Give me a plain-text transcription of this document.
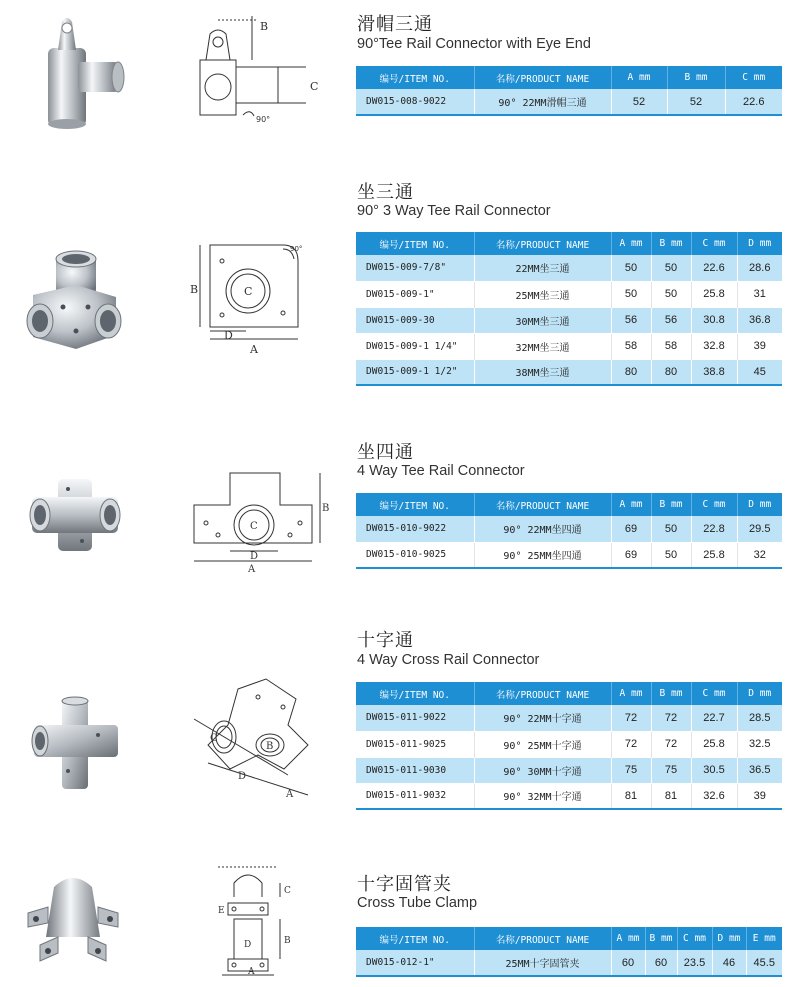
B
C
90°
滑帽三通
90°Tee Rail Connector with Eye End
编号/ITEM NO.	名称/PRODUCT NAME	A mm	B mm	C mm
DW015-008-9022	90° 22MM滑帽三通	52	52	22.6
B	C
D
A
90°
坐三通
90° 3 Way Tee Rail Connector
编号/ITEM NO.	名称/PRODUCT NAME	A mm	B mm	C mm	D mm
DW015-009-7/8"	22MM坐三通	50	50	22.6	28.6
DW015-009-1"	25MM坐三通	50	50	25.8	31
DW015-009-30	30MM坐三通	56	56	30.8	36.8
DW015-009-1 1/4"	32MM坐三通	58	58	32.8	39
DW015-009-1 1/2"	38MM坐三通	80	80	38.8	45
B
C
D
A
坐四通
4 Way Tee Rail Connector
编号/ITEM NO.	名称/PRODUCT NAME	A mm	B mm	C mm	D mm
DW015-010-9022	90° 22MM坐四通	69	50	22.8	29.5
DW015-010-9025	90° 25MM坐四通	69	50	25.8	32
C
B
D
A
十字通
4 Way Cross Rail Connector
编号/ITEM NO.	名称/PRODUCT NAME	A mm	B mm	C mm	D mm
DW015-011-9022	90° 22MM十字通	72	72	22.7	28.5
DW015-011-9025	90° 25MM十字通	72	72	25.8	32.5
DW015-011-9030	90° 30MM十字通	75	75	30.5	36.5
DW015-011-9032	90° 32MM十字通	81	81	32.6	39
C
B
D
A
E
十字固管夹
Cross Tube Clamp
编号/ITEM NO.	名称/PRODUCT NAME	A mm	B mm	C mm	D mm	E mm
DW015-012-1"	25MM十字固管夹	60	60	23.5	46	45.5
